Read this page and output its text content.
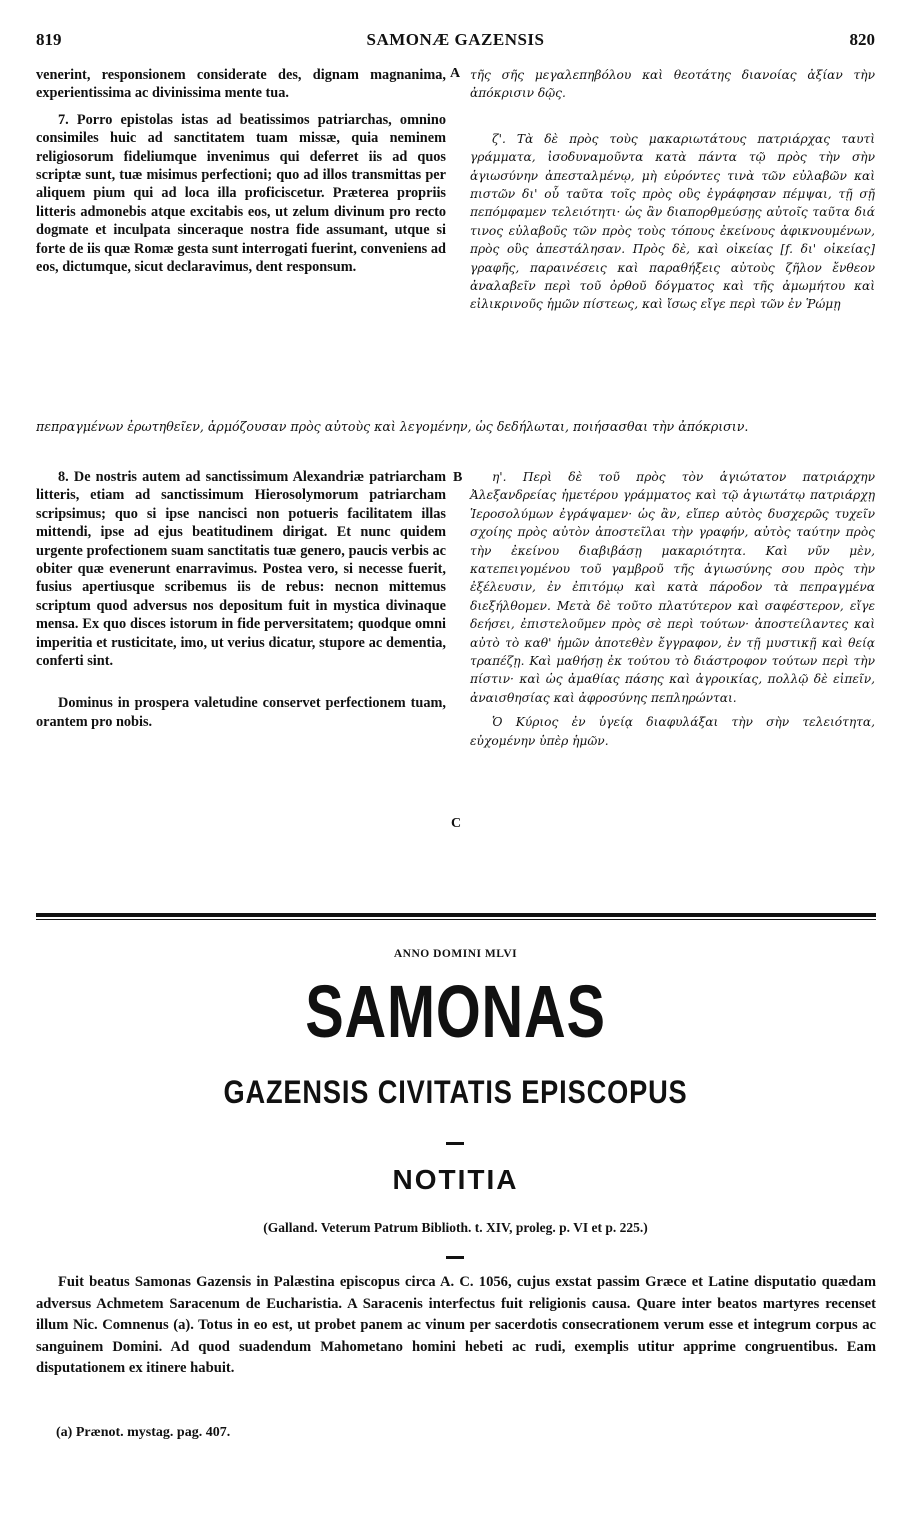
819	SAMONÆ GAZENSIS	820

venerint, responsionem considerate des, dignam magnanima, experientissima ac divinissima mente tua.

7. Porro epistolas istas ad beatissimos patriarchas, omnino consimiles huic ad sanctitatem tuam missæ, quia neminem religiosorum fideliumque invenimus qui deferret iis ad quos scriptæ sunt, tuæ misimus perfectioni; quo ad illos transmittas per aliquem pium qui ad loca illa proficiscetur. Præterea propriis litteris admonebis atque excitabis eos, ut zelum divinum pro recto dogmate et inculpata sinceraque nostra fide assumant, utque si forte de iis quæ Romæ gesta sunt interrogati fuerint, conveniens ad eos, dictumque, sicut declaravimus, dent responsum.

τῆς σῆς μεγαλεπηβόλου καὶ θεοτάτης διανοίας ἀξίαν τὴν ἀπόκρισιν δῷς.

ζ'. Τὰ δὲ πρὸς τοὺς μακαριωτάτους πατριάρχας ταυτὶ γράμματα, ἰσοδυναμοῦντα κατὰ πάντα τῷ πρὸς τὴν σὴν ἁγιωσύνην ἀπεσταλμένῳ, μὴ εὑρόντες τινὰ τῶν εὐλαβῶν καὶ πιστῶν δι' οὗ ταῦτα τοῖς πρὸς οὓς ἐγράφησαν πέμψαι, τῇ σῇ πεπόμφαμεν τελειότητι· ὡς ἂν διαπορθμεύσῃς αὐτοῖς ταῦτα διά τινος εὐλαβοῦς τῶν πρὸς τοὺς τόπους ἐκείνους ἀφικνουμένων, πρὸς οὓς ἀπεστάλησαν. Πρὸς δὲ, καὶ οἰκείας [f. δι' οἰκείας] γραφῆς, παραινέσεις καὶ παραθήξεις αὐτοὺς ζῆλον ἔνθεον ἀναλαβεῖν περὶ τοῦ ὀρθοῦ δόγματος καὶ τῆς ἀμωμήτου καὶ εἰλικρινοῦς ἡμῶν πίστεως, καὶ ἴσως εἴγε περὶ τῶν ἐν Ῥώμῃ

πεπραγμένων ἐρωτηθεῖεν, ἁρμόζουσαν πρὸς αὐτοὺς καὶ λεγομένην, ὡς δεδήλωται, ποιήσασθαι τὴν ἀπόκρισιν.

8. De nostris autem ad sanctissimum Alexandriæ patriarcham litteris, etiam ad sanctissimum Hierosolymorum patriarcham scripsimus; quo si ipse nancisci non potueris facilitatem illas mittendi, ipse ad ejus beatitudinem dirigat. Et nunc quidem urgente profectionem suam sanctitatis tuæ genero, paucis verbis ac obiter quæ evenerunt enarravimus. Postea vero, si necesse fuerit, fusius apertiusque scribemus iis de rebus: necnon mittemus scriptum quod adversus nos depositum fuit in mystica divinaque mensa. Ex quo disces istorum in fide perversitatem; quodque omni imperitia et rusticitate, imo, ut verius dicatur, stupore ac dementia, conferti sint.

Dominus in prospera valetudine conservet perfectionem tuam, orantem pro nobis.

η'. Περὶ δὲ τοῦ πρὸς τὸν ἁγιώτατον πατριάρχην Ἀλεξανδρείας ἡμετέρου γράμματος καὶ τῷ ἁγιωτάτῳ πατριάρχῃ Ἱεροσολύμων ἐγράψαμεν· ὡς ἂν, εἴπερ αὐτὸς δυσχερῶς τυχεῖν σχοίης πρὸς αὐτὸν ἀποστεῖλαι τὴν γραφήν, αὐτὸς ταύτην πρὸς τὴν ἐκείνου διαβιβάσῃ μακαριότητα. Καὶ νῦν μὲν, κατεπειγομένου τοῦ γαμβροῦ τῆς ἁγιωσύνης σου πρὸς τὴν ἐξέλευσιν, ἐν ἐπιτόμῳ καὶ κατὰ πάροδον τὰ πεπραγμένα διεξήλθομεν. Μετὰ δὲ τοῦτο πλατύτερον καὶ σαφέστερον, εἴγε δεήσει, ἐπιστελοῦμεν πρὸς σὲ περὶ τούτων· ἀποστείλαντες καὶ αὐτὸ τὸ καθ' ἡμῶν ἀποτεθὲν ἔγγραφον, ἐν τῇ μυστικῇ καὶ θείᾳ τραπέζῃ. Καὶ μαθήσῃ ἐκ τούτου τὸ διάστροφον τούτων περὶ τὴν πίστιν· καὶ ὡς ἀμαθίας πάσης καὶ ἀγροικίας, πολλῷ δὲ εἰπεῖν, ἀναισθησίας καὶ ἀφροσύνης πεπληρώνται.

Ὁ Κύριος ἐν ὑγείᾳ διαφυλάξαι τὴν σὴν τελειότητα, εὐχομένην ὑπὲρ ἡμῶν.

A
B
C
ANNO DOMINI MLVI
SAMONAS
GAZENSIS CIVITATIS EPISCOPUS
NOTITIA
(Galland. Veterum Patrum Biblioth. t. XIV, proleg. p. VI et p. 225.)
Fuit beatus Samonas Gazensis in Palæstina episcopus circa A. C. 1056, cujus exstat passim Græce et Latine disputatio quædam adversus Achmetem Saracenum de Eucharistia. A Saracenis interfectus fuit religionis causa. Quare inter beatos martyres recenset illum Nic. Comnenus (a). Totus in eo est, ut probet panem ac vinum per sacerdotis consecrationem verum esse et integrum corpus ac sanguinem Domini. Ad quod suadendum Mahometano homini hebeti ac rudi, exemplis utitur apprime congruentibus. Eam disputationem ex itinere habuit.
(a) Prænot. mystag. pag. 407.
